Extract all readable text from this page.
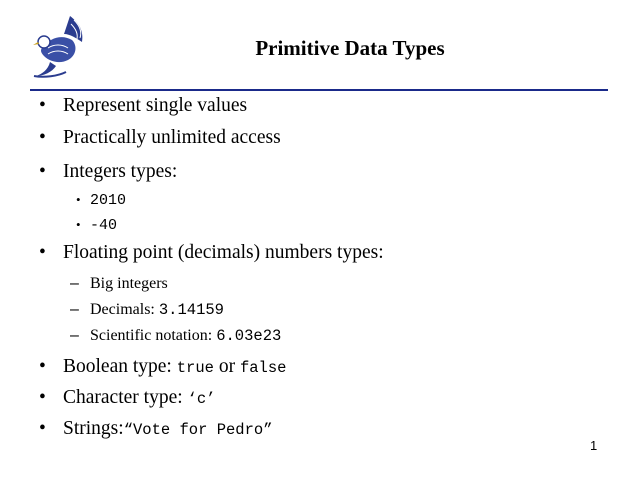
Primitive Data Types
• Represent single values
• Practically unlimited access
• Integers types:
• 2010
• -40
• Floating point (decimals) numbers types:
– Big integers
– Decimals: 3.14159
– Scientific notation: 6.03e23
• Boolean type: true or false
• Character type: ‘c’
• Strings:“Vote for Pedro”
1
